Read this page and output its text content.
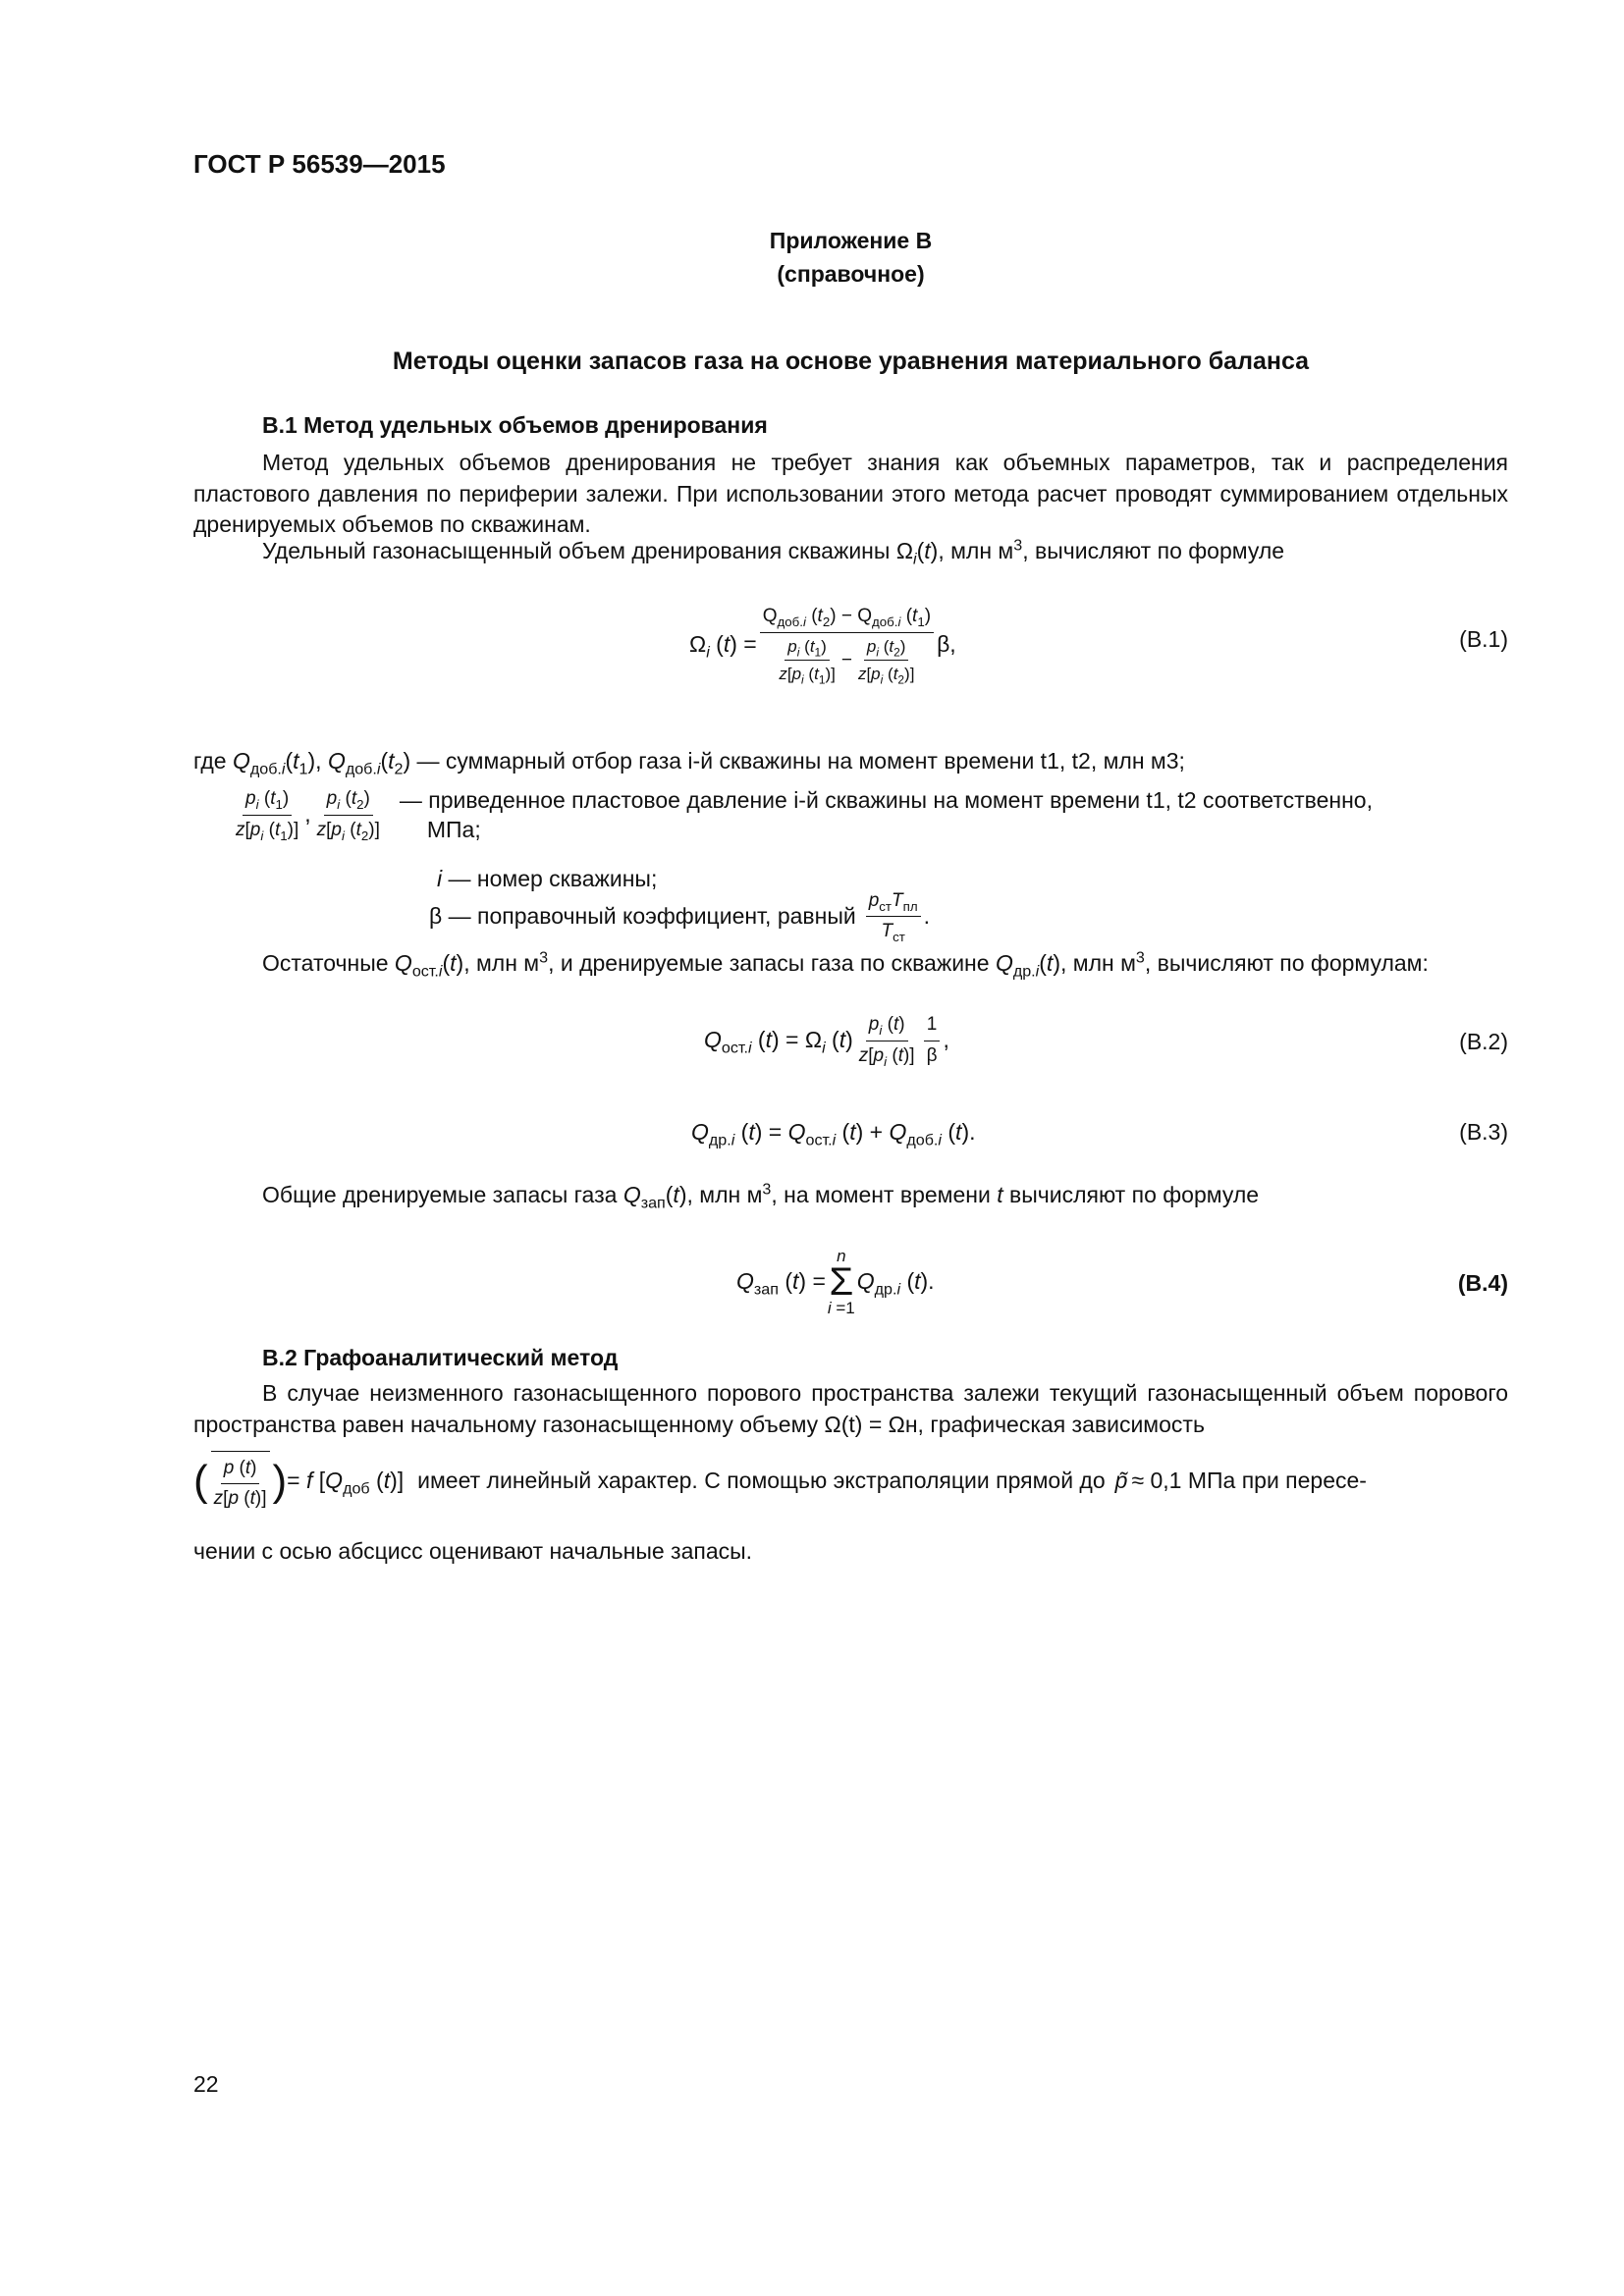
ГОСТ Р 56539—2015
Приложение В
(справочное)
Методы оценки запасов газа на основе уравнения материального баланса
В.1 Метод удельных объемов дренирования
Метод удельных объемов дренирования не требует знания как объемных параметров, так и распределения пластового давления по периферии залежи. При использовании этого метода расчет проводят суммированием отдельных дренируемых объемов по скважинам.
Удельный газонасыщенный объем дренирования скважины $\Omega_i(t)$, млн $м^3$, вычисляют по формуле
$\Omega_i$ $(t) = \frac{Q_{доб.i} (t_2) - Q_{доб.i} (t_1)}{\frac{p_i (t_1)}{z[p_i (t_1)]} - \frac{p_i (t_2)}{z[p_i (t_2)]}} \beta$,	(В.1)
где $Q_{доб.i}(t_1)$, $Q_{доб.i}(t_2)$ — суммарный отбор газа i-й скважины на момент времени t1, t2, млн м3;
$\frac{p_i (t_1)}{z[p_i (t_1)]}$ , $\frac{p_i (t_2)}{z[p_i (t_2)]}$ — приведенное пластовое давление i-й скважины на момент времени t1, t2 соответственно,
МПа;
i — номер скважины;
β — поправочный коэффициент, равный $\frac{p_{ст}T_{пл}}{T_{ст}}$ .
Остаточные $Q_{ост.i}(t)$, млн $м^3$, и дренируемые запасы газа по скважине $Q_{др.i}(t)$, млн $м^3$, вычисляют по формулам:
$Q_{ост.i}$ $(t) = \Omega_i$ $(t) \frac{p_i (t)}{z[p_i (t)]} \frac{1}{\beta}$ ,	(В.2)
$Q_{др.i}$ $(t) = Q_{ост.i}$ $(t) + Q_{доб.i}$ (t).	(В.3)
Общие дренируемые запасы газа $Q_{зап}(t)$, млн $м^3$, на момент времени t вычисляют по формуле
$Q_{зап}$ (t) =
n
Σ
i =1
$Q_{др.i}$ (t).	(В.4)
В.2 Графоаналитический метод
В случае неизменного газонасыщенного порового пространства залежи текущий газонасыщенный объем порового пространства равен начальному газонасыщенному объему Ω(t) = Ωн, графическая зависимость
( $\frac{p (t)}{z[p (t)]}$ ) = f [$Q_{доб}$ (t)] имеет линейный характер. С помощью экстраполяции прямой до p̃ ≈ 0,1 МПа при пересе-
чении с осью абсцисс оценивают начальные запасы.
22
